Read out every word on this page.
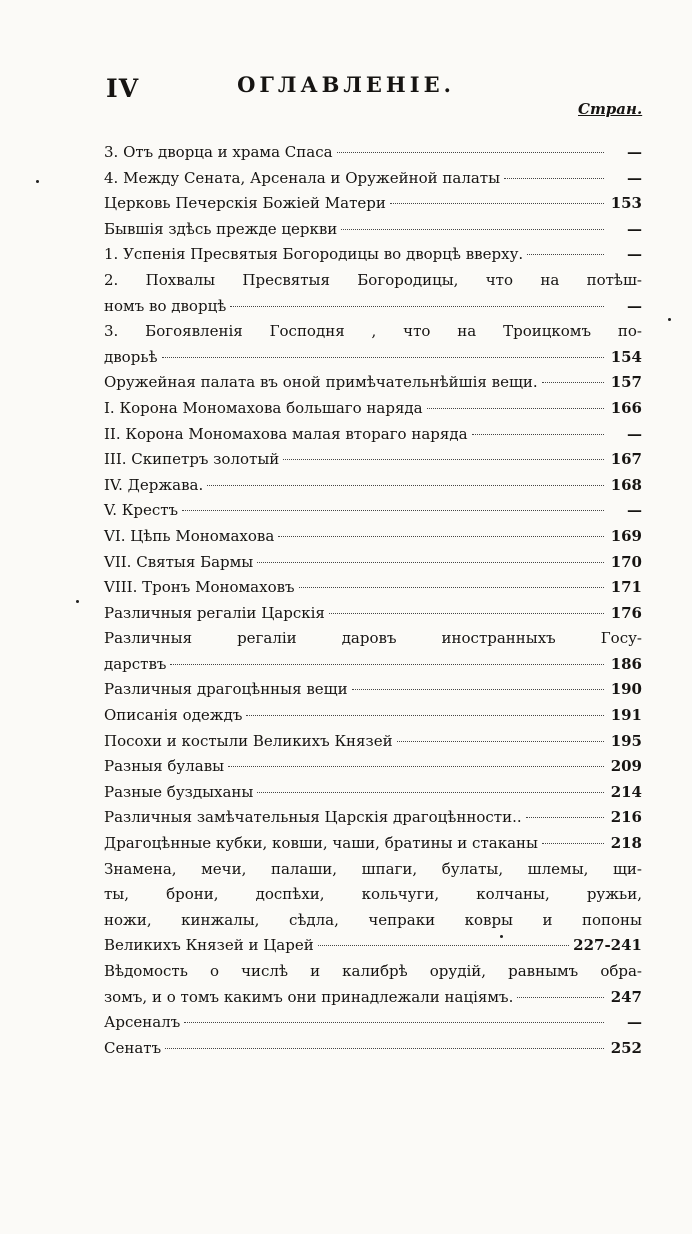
IV	ОГЛАВЛЕНІЕ.
Стран.
3. Отъ дворца и храма Спаса	—
4. Между Сената, Арсенала и Оружейной палаты	—
Церковь Печерскія Божіей Матери	153
Бывшія здѣсь прежде церкви	—
1. Успенія Пресвятыя Богородицы во дворцѣ вверху.	—
2. Похвалы Пресвятыя Богородицы, что на потѣш-
номъ во дворцѣ	—
3. Богоявленія Господня , что на Троицкомъ по-
дворьѣ	154
Оружейная палата въ оной примѣчательнѣйшія вещи.	157
I. Корона Мономахова большаго наряда	166
II. Корона Мономахова малая втораго наряда	—
III. Скипетръ золотый	167
IV. Держава.	168
V. Крестъ	—
VI. Цѣпь Мономахова	169
VII. Святыя Бармы	170
VIII. Тронъ Мономаховъ	171
Различныя регаліи Царскія	176
Различныя регаліи даровъ иностранныхъ Госу-
дарствъ	186
Различныя драгоцѣнныя вещи	190
Описанія одеждъ	191
Посохи и костыли Великихъ Князей	195
Разныя булавы	209
Разные буздыханы	214
Различныя замѣчательныя Царскія драгоцѣнности..	216
Драгоцѣнные кубки, ковши, чаши, братины и стаканы	218
Знамена, мечи, палаши, шпаги, булаты, шлемы, щи-
ты, брони, доспѣхи, кольчуги, колчаны, ружьи,
ножи, кинжалы, сѣдла, чепраки ковры и попоны
Великихъ Князей и Царей	227-241
Вѣдомость о числѣ и калибрѣ орудій, равнымъ обра-
зомъ, и о томъ какимъ они принадлежали націямъ.	247
Арсеналъ	—
Сенатъ	252
